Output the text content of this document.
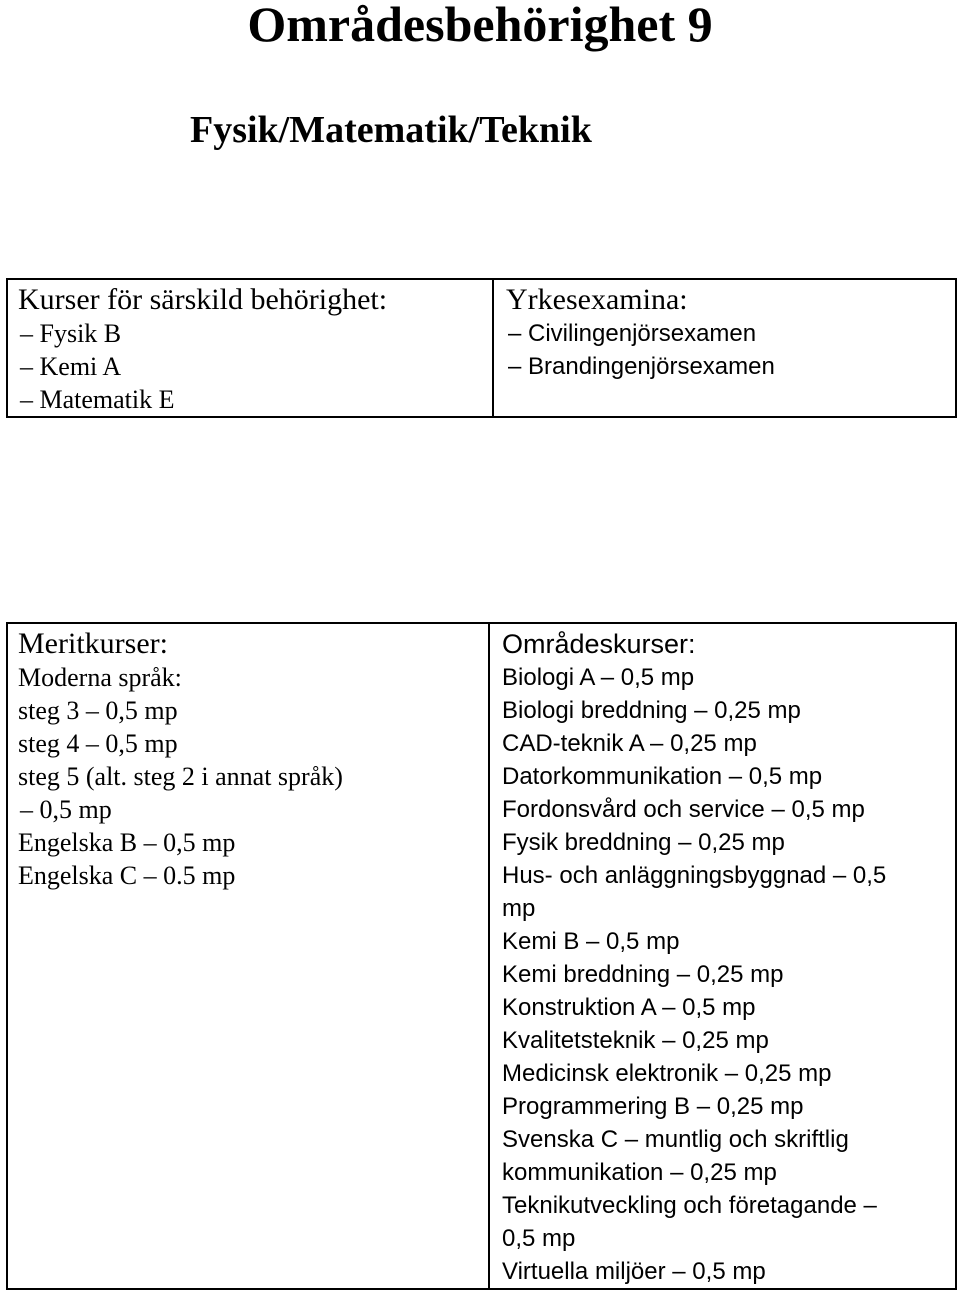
Områdesbehörighet 9
Fysik/Matematik/Teknik
Kurser för särskild behörighet:
– Fysik B
– Kemi A
– Matematik E

Yrkesexamina:
– Civilingenjörsexamen
– Brandingenjörsexamen
Meritkurser:
Moderna språk:
steg 3 – 0,5 mp
steg 4 – 0,5 mp
steg 5 (alt. steg 2 i annat språk)
– 0,5 mp
Engelska B – 0,5 mp
Engelska C – 0.5 mp

Områdeskurser:
Biologi A – 0,5 mp
Biologi breddning – 0,25 mp
CAD-teknik A – 0,25 mp
Datorkommunikation – 0,5 mp
Fordonsvård och service – 0,5 mp
Fysik breddning – 0,25 mp
Hus- och anläggningsbyggnad – 0,5
mp
Kemi B – 0,5 mp
Kemi breddning – 0,25 mp
Konstruktion A – 0,5 mp
Kvalitetsteknik – 0,25 mp
Medicinsk elektronik – 0,25 mp
Programmering B – 0,25 mp
Svenska C – muntlig och skriftlig
kommunikation – 0,25 mp
Teknikutveckling och företagande –
0,5 mp
Virtuella miljöer – 0,5 mp
